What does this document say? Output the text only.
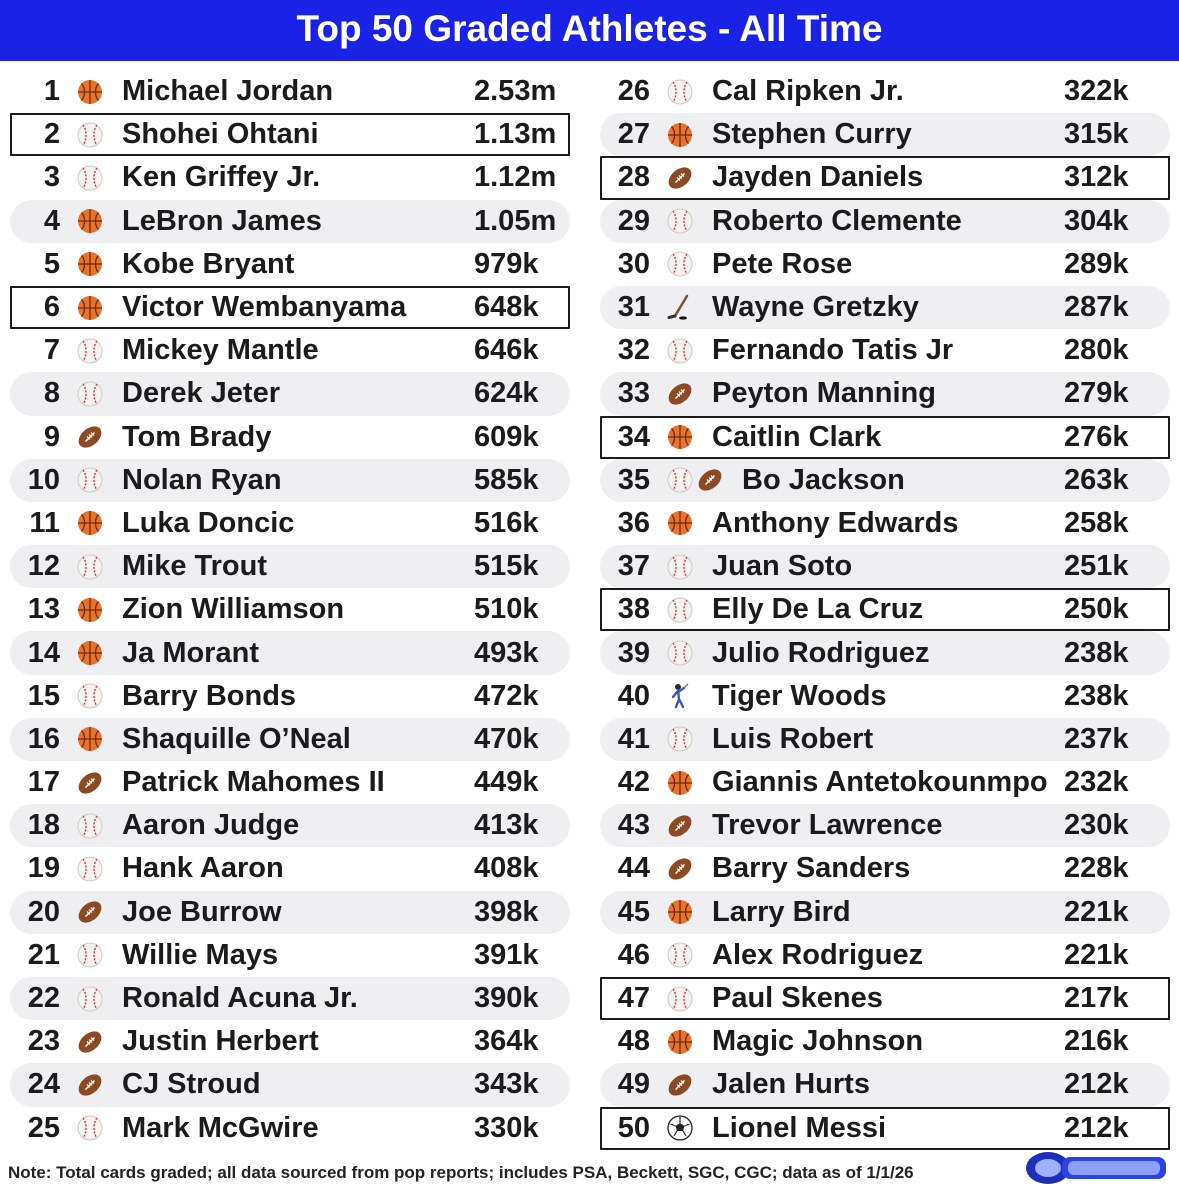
Top 50 Graded Athletes - All Time
1	Michael Jordan	2.53m
2	Shohei Ohtani	1.13m
3	Ken Griffey Jr.	1.12m
4	LeBron James	1.05m
5	Kobe Bryant	979k
6	Victor Wembanyama	648k
7	Mickey Mantle	646k
8	Derek Jeter	624k
9	Tom Brady	609k
10	Nolan Ryan	585k
11	Luka Doncic	516k
12	Mike Trout	515k
13	Zion Williamson	510k
14	Ja Morant	493k
15	Barry Bonds	472k
16	Shaquille O’Neal	470k
17	Patrick Mahomes II	449k
18	Aaron Judge	413k
19	Hank Aaron	408k
20	Joe Burrow	398k
21	Willie Mays	391k
22	Ronald Acuna Jr.	390k
23	Justin Herbert	364k
24	CJ Stroud	343k
25	Mark McGwire	330k
26	Cal Ripken Jr.	322k
27	Stephen Curry	315k
28	Jayden Daniels	312k
29	Roberto Clemente	304k
30	Pete Rose	289k
31	Wayne Gretzky	287k
32	Fernando Tatis Jr	280k
33	Peyton Manning	279k
34	Caitlin Clark	276k
35	Bo Jackson	263k
36	Anthony Edwards	258k
37	Juan Soto	251k
38	Elly De La Cruz	250k
39	Julio Rodriguez	238k
40	Tiger Woods	238k
41	Luis Robert	237k
42	Giannis Antetokounmpo 232k
43	Trevor Lawrence	230k
44	Barry Sanders	228k
45	Larry Bird	221k
46	Alex Rodriguez	221k
47	Paul Skenes	217k
48	Magic Johnson	216k
49	Jalen Hurts	212k
50	Lionel Messi	212k
Note: Total cards graded; all data sourced from pop reports; includes PSA, Beckett, SGC, CGC; data as of 1/1/26
